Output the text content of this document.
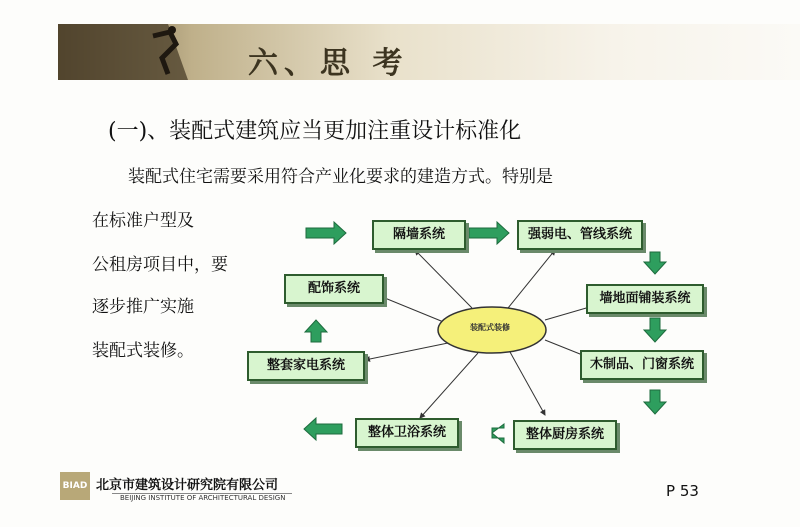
六、思 考
(一)、装配式建筑应当更加注重设计标准化
装配式住宅需要采用符合产业化要求的建造方式。特别是
在标准户型及
公租房项目中，要
逐步推广实施
装配式装修。
装配式装修
隔墙系统	强弱电、管线系统
墙地面铺装系统
木制品、门窗系统
整体厨房系统
整体卫浴系统
整套家电系统
配饰系统
BIAD 北京市建筑设计研究院有限公司
BEIJING INSTITUTE OF ARCHITECTURAL DESIGN	P 53
